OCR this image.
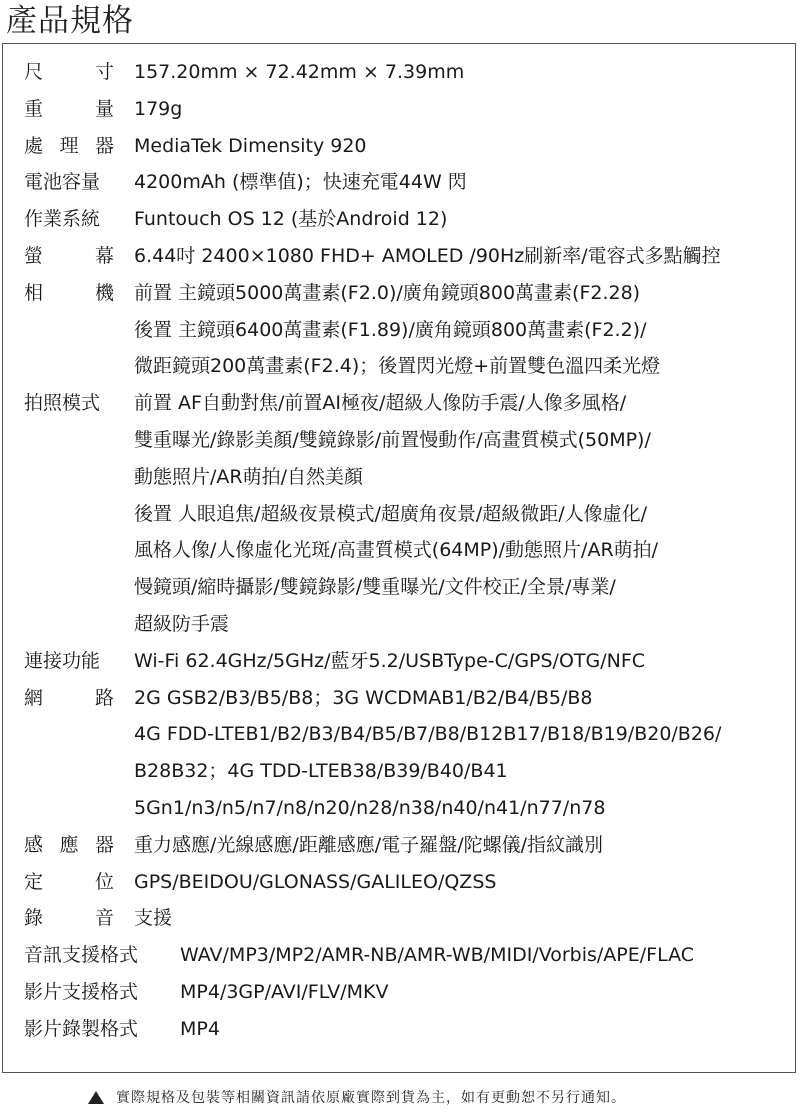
產品規格
尺	寸 157.20mm × 72.42mm × 7.39mm
重	量 179g
處 理 器 MediaTek Dimensity 920
電池容量 4200mAh (標準值)；快速充電44W 閃
作業系統 Funtouch OS 12 (基於Android 12)
螢	幕 6.44吋 2400×1080 FHD+ AMOLED /90Hz刷新率/電容式多點觸控
相	機 前置 主鏡頭5000萬畫素(F2.0)/廣角鏡頭800萬畫素(F2.28)
後置 主鏡頭6400萬畫素(F1.89)/廣角鏡頭800萬畫素(F2.2)/
微距鏡頭200萬畫素(F2.4)；後置閃光燈+前置雙色溫四柔光燈
拍照模式 前置 AF自動對焦/前置AI極夜/超級人像防手震/人像多風格/
雙重曝光/錄影美顏/雙鏡錄影/前置慢動作/高畫質模式(50MP)/
動態照片/AR萌拍/自然美顏
後置 人眼追焦/超級夜景模式/超廣角夜景/超級微距/人像虛化/
風格人像/人像虛化光斑/高畫質模式(64MP)/動態照片/AR萌拍/
慢鏡頭/縮時攝影/雙鏡錄影/雙重曝光/文件校正/全景/專業/
超級防手震
連接功能 Wi-Fi 62.4GHz/5GHz/藍牙5.2/USBType-C/GPS/OTG/NFC
網	路 2G GSB2/B3/B5/B8；3G WCDMAB1/B2/B4/B5/B8
4G FDD-LTEB1/B2/B3/B4/B5/B7/B8/B12B17/B18/B19/B20/B26/
B28B32；4G TDD-LTEB38/B39/B40/B41
5Gn1/n3/n5/n7/n8/n20/n28/n38/n40/n41/n77/n78
感 應 器 重力感應/光線感應/距離感應/電子羅盤/陀螺儀/指紋識別
定	位 GPS/BEIDOU/GLONASS/GALILEO/QZSS
錄	音 支援
音訊支援格式 WAV/MP3/MP2/AMR-NB/AMR-WB/MIDI/Vorbis/APE/FLAC
影片支援格式 MP4/3GP/AVI/FLV/MKV
影片錄製格式 MP4
實際規格及包裝等相關資訊請依原廠實際到貨為主，如有更動恕不另行通知。
